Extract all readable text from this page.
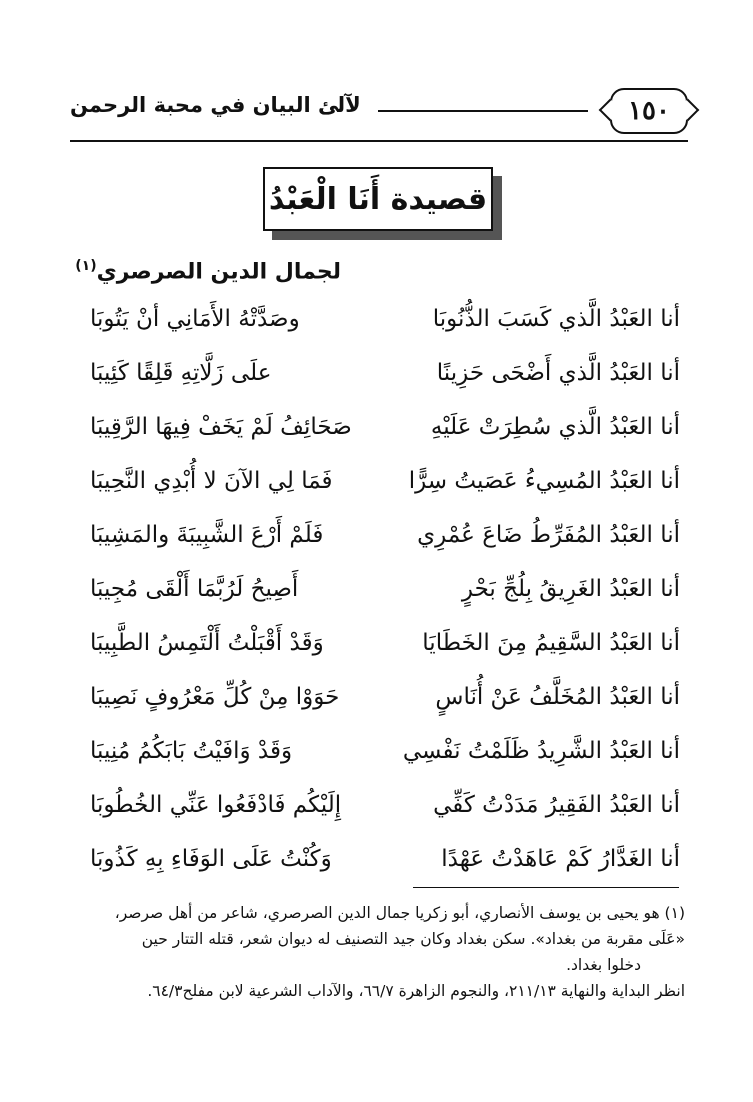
١٥٠
لآلئ البيان في محبة الرحمن
قصيدة أَنَا الْعَبْدُ
لجمال الدين الصرصري$^{(١)}$
أنا العَبْدُ الَّذي كَسَبَ الذُّنُوبَا
وصَدَّتْهُ الأَمَانِي أنْ يَتُوبَا
أنا العَبْدُ الَّذي أَضْحَى حَزِينًا
علَى زَلَّاتِهِ قَلِقًا كَئِيبَا
أنا العَبْدُ الَّذي سُطِرَتْ عَلَيْهِ
صَحَائِفُ لَمْ يَخَفْ فِيهَا الرَّقِيبَا
أنا العَبْدُ المُسِيءُ عَصَيتُ سِرًّا
فَمَا لِي الآنَ لا أُبْدِي النَّحِيبَا
أنا العَبْدُ المُفَرِّطُ ضَاعَ عُمْرِي
فَلَمْ أَرْعَ الشَّبِيبَةَ والمَشِيبَا
أنا العَبْدُ الغَرِيقُ بِلُجِّ بَحْرٍ
أَصِيحُ لَرُبَّمَا أَلْقَى مُجِيبَا
أنا العَبْدُ السَّقِيمُ مِنَ الخَطَايَا
وَقَدْ أَقْبَلْتُ أَلْتَمِسُ الطَّبِيبَا
أنا العَبْدُ المُخَلَّفُ عَنْ أُنَاسٍ
حَوَوْا مِنْ كُلِّ مَعْرُوفٍ نَصِيبَا
أنا العَبْدُ الشَّرِيدُ ظَلَمْتُ نَفْسِي
وَقَدْ وَافَيْتُ بَابَكُمُ مُنِيبَا
أنا العَبْدُ الفَقِيرُ مَدَدْتُ كَفِّي
إِلَيْكُم فَادْفَعُوا عَنِّي الخُطُوبَا
أنا الغَدَّارُ كَمْ عَاهَدْتُ عَهْدًا
وَكُنْتُ عَلَى الوَفَاءِ بِهِ كَذُوبَا

(١) هو يحيى بن يوسف الأنصاري، أبو زكريا جمال الدين الصرصري، شاعر من أهل صرصر،

«عَلَى مقربة من بغداد». سكن بغداد وكان جيد التصنيف له ديوان شعر، قتله التتار حين

دخلوا بغداد.

انظر البداية والنهاية ٢١١/١٣، والنجوم الزاهرة ٦٦/٧، والآداب الشرعية لابن مفلح٦٤/٣.
